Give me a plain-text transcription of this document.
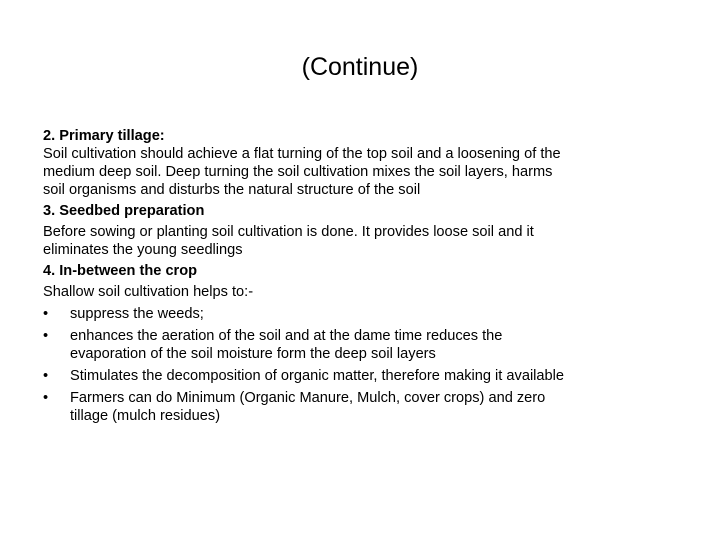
(Continue)
2. Primary tillage:
Soil cultivation should achieve a flat turning of the top soil and a loosening of the
medium deep soil. Deep turning the soil cultivation mixes the soil layers, harms
soil organisms and disturbs the natural structure of the soil
3. Seedbed preparation
Before sowing or planting soil cultivation is done. It provides loose soil and it
eliminates the young seedlings
4. In-between the crop
Shallow soil cultivation helps to:-
•	suppress the weeds;
•	enhances the aeration of the soil and at the dame time reduces the
evaporation of the soil moisture form the deep soil layers
•	Stimulates the decomposition of organic matter, therefore making it available
•	Farmers can do Minimum (Organic Manure, Mulch, cover crops) and zero
tillage (mulch residues)
